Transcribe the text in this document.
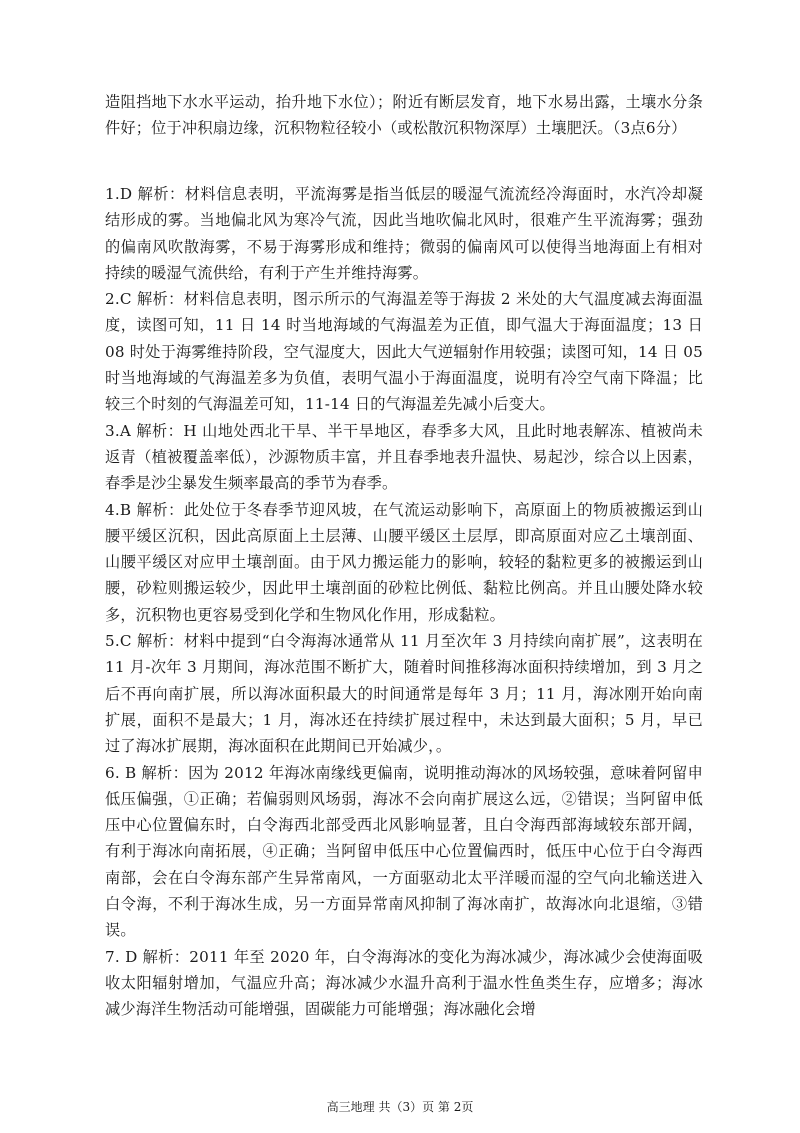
造阻挡地下水水平运动，抬升地下水位）；附近有断层发育，地下水易出露，土壤水分条件好；位于冲积扇边缘，沉积物粒径较小（或松散沉积物深厚）土壤肥沃。（3点6分）

1.D 解析：材料信息表明，平流海雾是指当低层的暖湿气流流经冷海面时，水汽冷却凝结形成的雾。当地偏北风为寒冷气流，因此当地吹偏北风时，很难产生平流海雾；强劲的偏南风吹散海雾，不易于海雾形成和维持；微弱的偏南风可以使得当地海面上有相对持续的暖湿气流供给，有利于产生并维持海雾。

2.C 解析：材料信息表明，图示所示的气海温差等于海拔 2 米处的大气温度减去海面温度，读图可知，11 日 14 时当地海域的气海温差为正值，即气温大于海面温度；13 日 08 时处于海雾维持阶段，空气湿度大，因此大气逆辐射作用较强；读图可知，14 日 05 时当地海域的气海温差多为负值，表明气温小于海面温度，说明有冷空气南下降温；比较三个时刻的气海温差可知，11-14 日的气海温差先减小后变大。

3.A 解析：H 山地处西北干旱、半干旱地区，春季多大风，且此时地表解冻、植被尚未返青（植被覆盖率低），沙源物质丰富，并且春季地表升温快、易起沙，综合以上因素，春季是沙尘暴发生频率最高的季节为春季。

4.B 解析：此处位于冬春季节迎风坡，在气流运动影响下，高原面上的物质被搬运到山腰平缓区沉积，因此高原面上土层薄、山腰平缓区土层厚，即高原面对应乙土壤剖面、山腰平缓区对应甲土壤剖面。由于风力搬运能力的影响，较轻的黏粒更多的被搬运到山腰，砂粒则搬运较少，因此甲土壤剖面的砂粒比例低、黏粒比例高。并且山腰处降水较多，沉积物也更容易受到化学和生物风化作用，形成黏粒。

5.C 解析：材料中提到“白令海海冰通常从 11 月至次年 3 月持续向南扩展”，这表明在 11 月-次年 3 月期间，海冰范围不断扩大，随着时间推移海冰面积持续增加，到 3 月之后不再向南扩展，所以海冰面积最大的时间通常是每年 3 月；11 月，海冰刚开始向南扩展，面积不是最大；1 月，海冰还在持续扩展过程中，未达到最大面积；5 月，早已过了海冰扩展期，海冰面积在此期间已开始减少，。

6. B 解析：因为 2012 年海冰南缘线更偏南，说明推动海冰的风场较强，意味着阿留申低压偏强，①正确；若偏弱则风场弱，海冰不会向南扩展这么远，②错误；当阿留申低压中心位置偏东时，白令海西北部受西北风影响显著，且白令海西部海域较东部开阔，有利于海冰向南拓展，④正确；当阿留申低压中心位置偏西时，低压中心位于白令海西南部，会在白令海东部产生异常南风，一方面驱动北太平洋暖而湿的空气向北输送进入白令海，不利于海冰生成，另一方面异常南风抑制了海冰南扩，故海冰向北退缩，③错误。

7. D 解析：2011 年至 2020 年，白令海海冰的变化为海冰减少，海冰减少会使海面吸收太阳辐射增加，气温应升高；海冰减少水温升高利于温水性鱼类生存，应增多；海冰减少海洋生物活动可能增强，固碳能力可能增强；海冰融化会增

高三地理 共（3）页 第 2页
